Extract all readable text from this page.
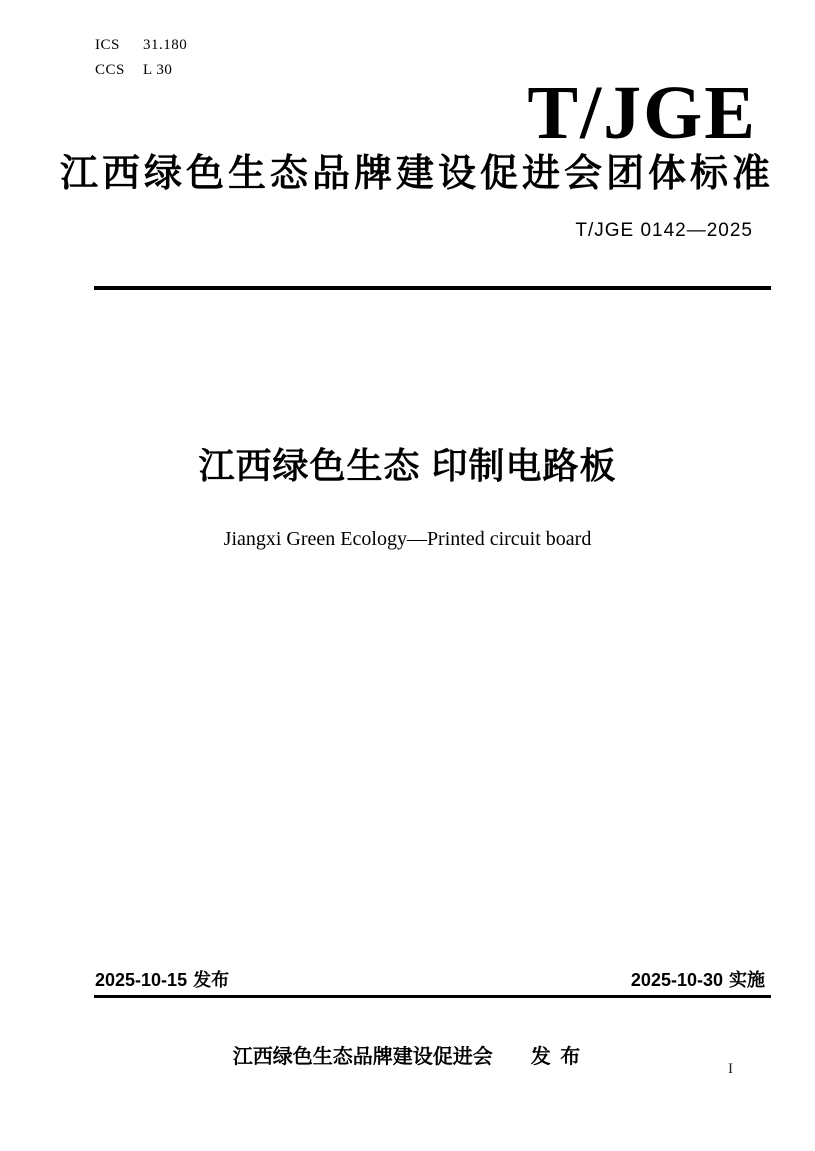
ICS 31.180
CCS L 30
T/JGE
江西绿色生态品牌建设促进会团体标准
T/JGE 0142—2025
江西绿色生态 印制电路板
Jiangxi Green Ecology—Printed circuit board
2025-10-15 发布	2025-10-30 实施
江西绿色生态品牌建设促进会 发 布
I
